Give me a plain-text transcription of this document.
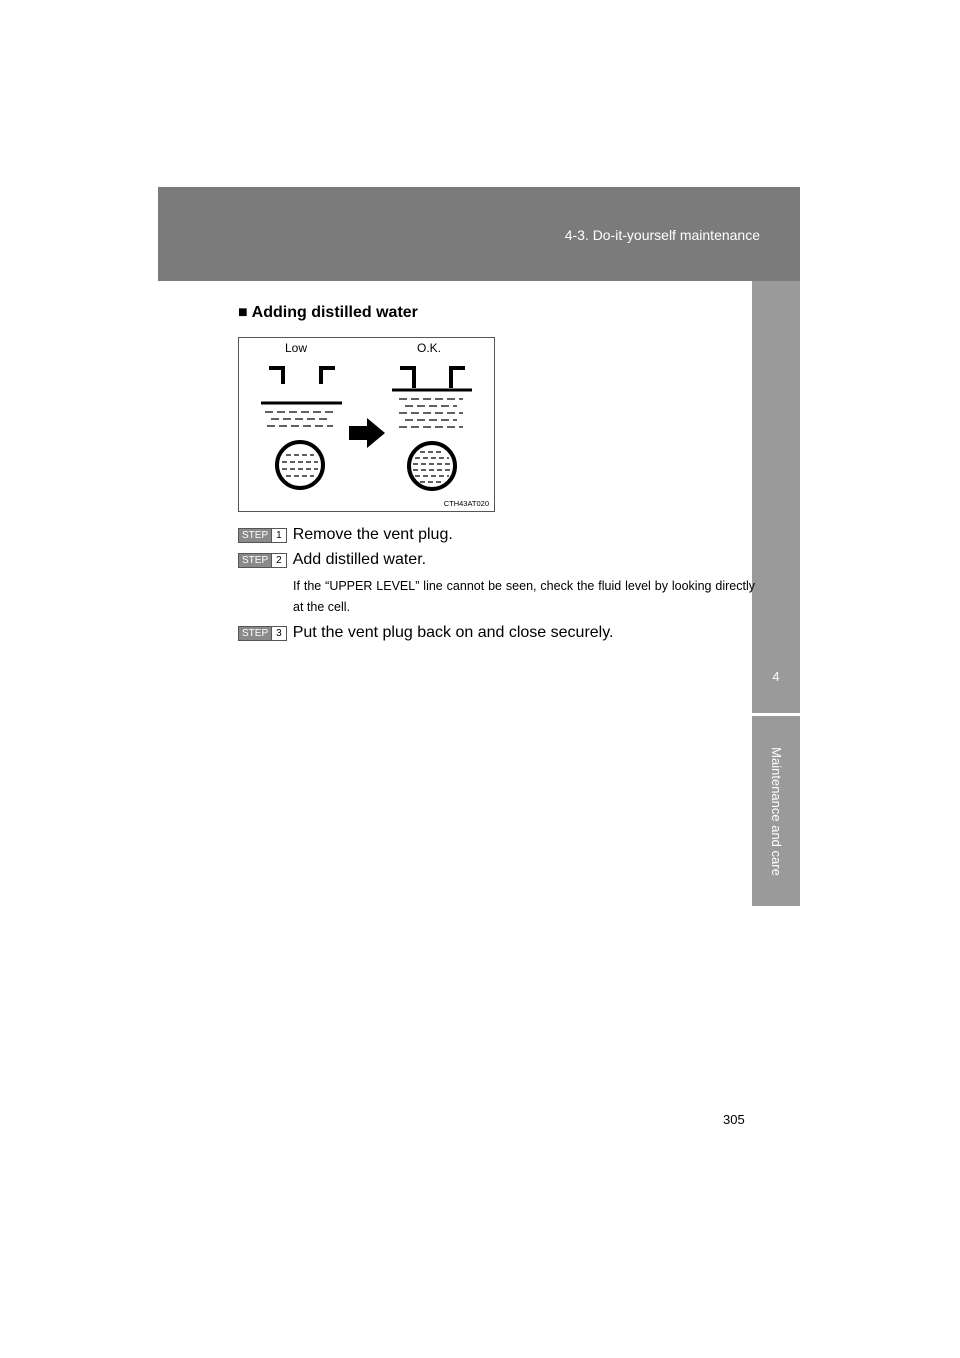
4-3. Do-it-yourself maintenance
4
Maintenance and care
■ Adding distilled water
Low	O.K.
CTH43AT020
STEP 1 Remove the vent plug.
STEP 2 Add distilled water.
If the “UPPER LEVEL” line cannot be seen, check the fluid level by looking directly at the cell.
STEP 3 Put the vent plug back on and close securely.
305
